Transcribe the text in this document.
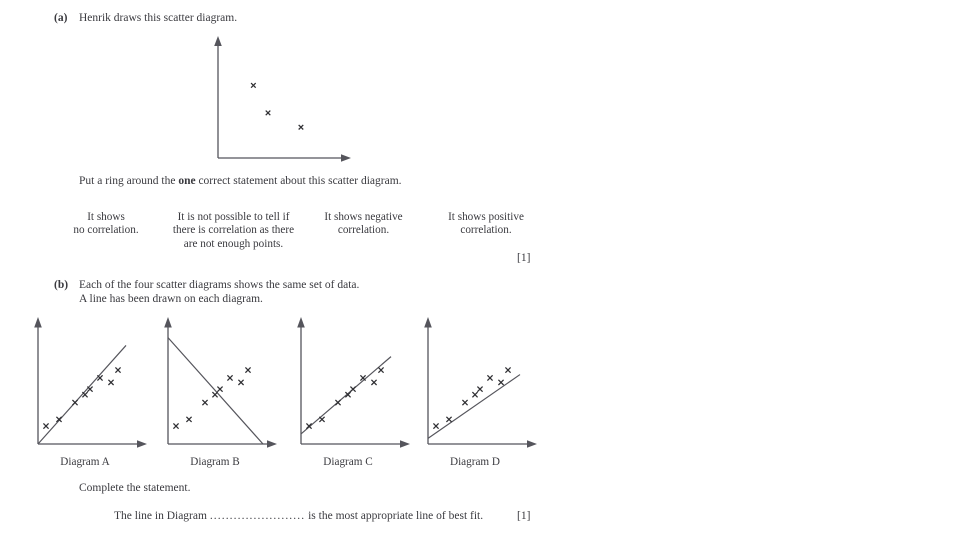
(a) Henrik draws this scatter diagram.
Put a ring around the one correct statement about this scatter diagram.
It shows
no correlation.
It is not possible to tell if
there is correlation as there
are not enough points.
It shows negative
correlation.
It shows positive
correlation.
[1]
(b) Each of the four scatter diagrams shows the same set of data.
A line has been drawn on each diagram.
Diagram A	Diagram B	Diagram C	Diagram D
Complete the statement.
The line in Diagram ........................ is the most appropriate line of best fit.	[1]
